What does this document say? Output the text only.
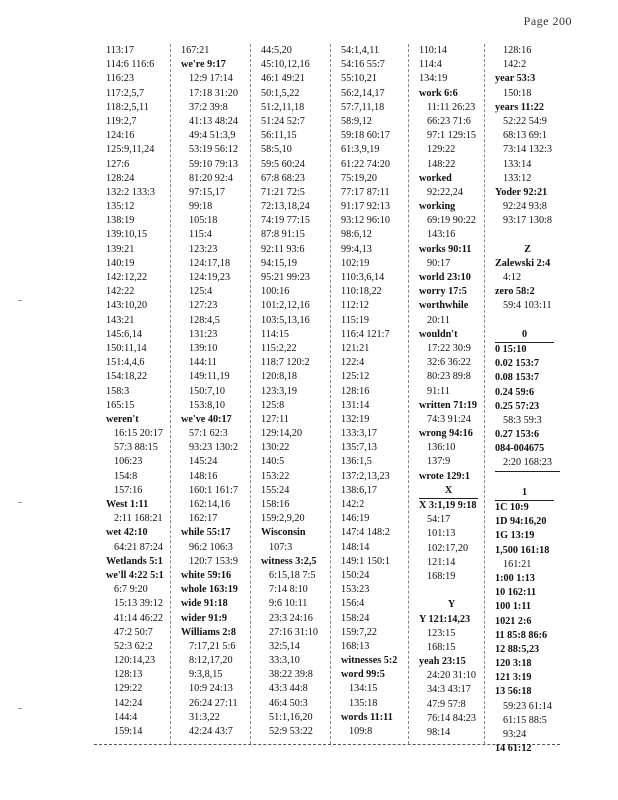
Page 200
113:17
114:6 116:6
116:23
117:2,5,7
118:2,5,11
119:2,7
124:16
125:9,11,24
127:6
128:24
132:2 133:3
135:12
138:19
139:10,15
139:21
140:19
142:12,22
142:22
143:10,20
143:21
145:6,14
150:11,14
151:4,4,6
154:18,22
158:3
165:15
weren't
16:15 20:17
57:3 88:15
106:23
154:8
157:16
West 1:11
2:11 168:21
wet 42:10
64:21 87:24
Wetlands 5:1
we'll 4:22 5:1
6:7 9:20
15:13 39:12
41:14 46:22
47:2 50:7
52:3 62:2
120:14,23
128:13
129:22
142:24
144:4
159:14
167:21
we're 9:17
12:9 17:14
17:18 31:20
37:2 39:8
41:13 48:24
49:4 51:3,9
53:19 56:12
59:10 79:13
81:20 92:4
97:15,17
99:18
105:18
115:4
123:23
124:17,18
124:19,23
125:4
127:23
128:4,5
131:23
139:10
144:11
149:11,19
150:7,10
153:8,10
we've 40:17
57:1 62:3
93:23 130:2
145:24
148:16
160:1 161:7
162:14,16
162:17
while 55:17
96:2 106:3
120:7 153:9
white 59:16
whole 163:19
wide 91:18
wider 91:9
Williams 2:8
7:17,21 5:6
8:12,17,20
9:3,8,15
10:9 24:13
26:24 27:11
31:3,22
42:24 43:7
44:5,20
45:10,12,16
46:1 49:21
50:1,5,22
51:2,11,18
51:24 52:7
56:11,15
58:5,10
59:5 60:24
67:8 68:23
71:21 72:5
72:13,18,24
74:19 77:15
87:8 91:15
92:11 93:6
94:15,19
95:21 99:23
100:16
101:2,12,16
103:5,13,16
114:15
115:2,22
118:7 120:2
120:8,18
123:3,19
125:8
127:11
129:14,20
130:22
140:5
153:22
155:24
158:16
159:2,9,20
Wisconsin
107:3
witness 3:2,5
6:15,18 7:5
7:14 8:10
9:6 10:11
23:3 24:16
27:16 31:10
32:5,14
33:3,10
38:22 39:8
43:3 44:8
46:4 50:3
51:1,16,20
52:9 53:22
54:1,4,11
54:16 55:7
55:10,21
56:2,14,17
57:7,11,18
58:9,12
59:18 60:17
61:3,9,19
61:22 74:20
75:19,20
77:17 87:11
91:17 92:13
93:12 96:10
98:6,12
99:4,13
102:19
110:3,6,14
110:18,22
112:12
115:19
116:4 121:7
121:21
122:4
125:12
128:16
131:14
132:19
133:3,17
135:7,13
136:1,5
137:2,13,23
138:6,17
142:2
146:19
147:4 148:2
148:14
149:1 150:1
150:24
153:23
156:4
158:24
159:7,22
168:13
witnesses 5:2
word 99:5
134:15
135:18
words 11:11
109:8
110:14
114:4
134:19
work 6:6
11:11 26:23
66:23 71:6
97:1 129:15
129:22
148:22
worked
92:22,24
working
69:19 90:22
143:16
works 90:11
90:17
world 23:10
worry 17:5
worthwhile
20:11
wouldn't
17:22 30:9
32:6 36:22
80:23 89:8
91:11
written 71:19
74:3 91:24
wrong 94:16
136:10
137:9
wrote 129:1
X
X 3:1,19 9:18
54:17
101:13
102:17,20
121:14
168:19
Y
Y 121:14,23
123:15
168:15
yeah 23:15
24:20 31:10
34:3 43:17
47:9 57:8
76:14 84:23
98:14
128:16
142:2
year 53:3
150:18
years 11:22
52:22 54:9
68:13 69:1
73:14 132:3
133:14
133:12
Yoder 92:21
92:24 93:8
93:17 130:8
Z
Zalewski 2:4
4:12
zero 58:2
59:4 103:11
0
0 15:10
0.02 153:7
0.08 153:7
0.24 59:6
0.25 57:23
58:3 59:3
0.27 153:6
084-004675
2:20 168:23
1
1C 10:9
1D 94:16,20
1G 13:19
1,500 161:18
161:21
1:00 1:13
10 162:11
100 1:11
1021 2:6
11 85:8 86:6
12 88:5,23
120 3:18
121 3:19
13 56:18
59:23 61:14
61:15 88:5
93:24
14 61:12
